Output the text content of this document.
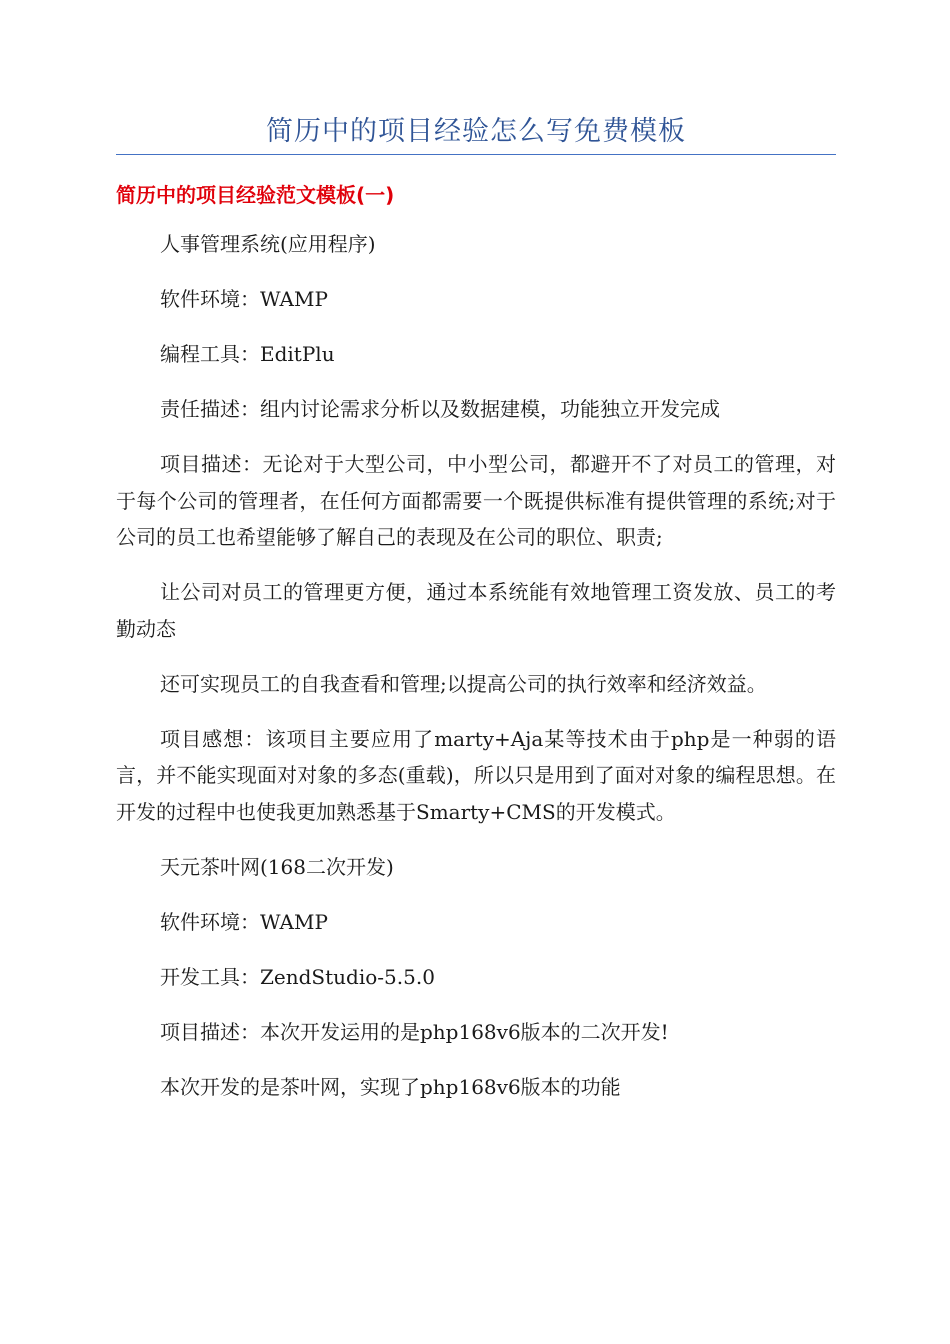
简历中的项目经验怎么写免费模板
简历中的项目经验范文模板(一)

人事管理系统(应用程序)

软件环境：WAMP

编程工具：EditPlu

责任描述：组内讨论需求分析以及数据建模，功能独立开发完成

项目描述：无论对于大型公司，中小型公司，都避开不了对员工的管理，对于每个公司的管理者，在任何方面都需要一个既提供标准有提供管理的系统;对于公司的员工也希望能够了解自己的表现及在公司的职位、职责;

让公司对员工的管理更方便，通过本系统能有效地管理工资发放、员工的考勤动态

还可实现员工的自我查看和管理;以提高公司的执行效率和经济效益。

项目感想：该项目主要应用了marty+Aja某等技术由于php是一种弱的语言，并不能实现面对对象的多态(重载)，所以只是用到了面对对象的编程思想。在开发的过程中也使我更加熟悉基于Smarty+CMS的开发模式。

天元茶叶网(168二次开发)

软件环境：WAMP

开发工具：ZendStudio-5.5.0

项目描述：本次开发运用的是php168v6版本的二次开发!

本次开发的是茶叶网，实现了php168v6版本的功能
